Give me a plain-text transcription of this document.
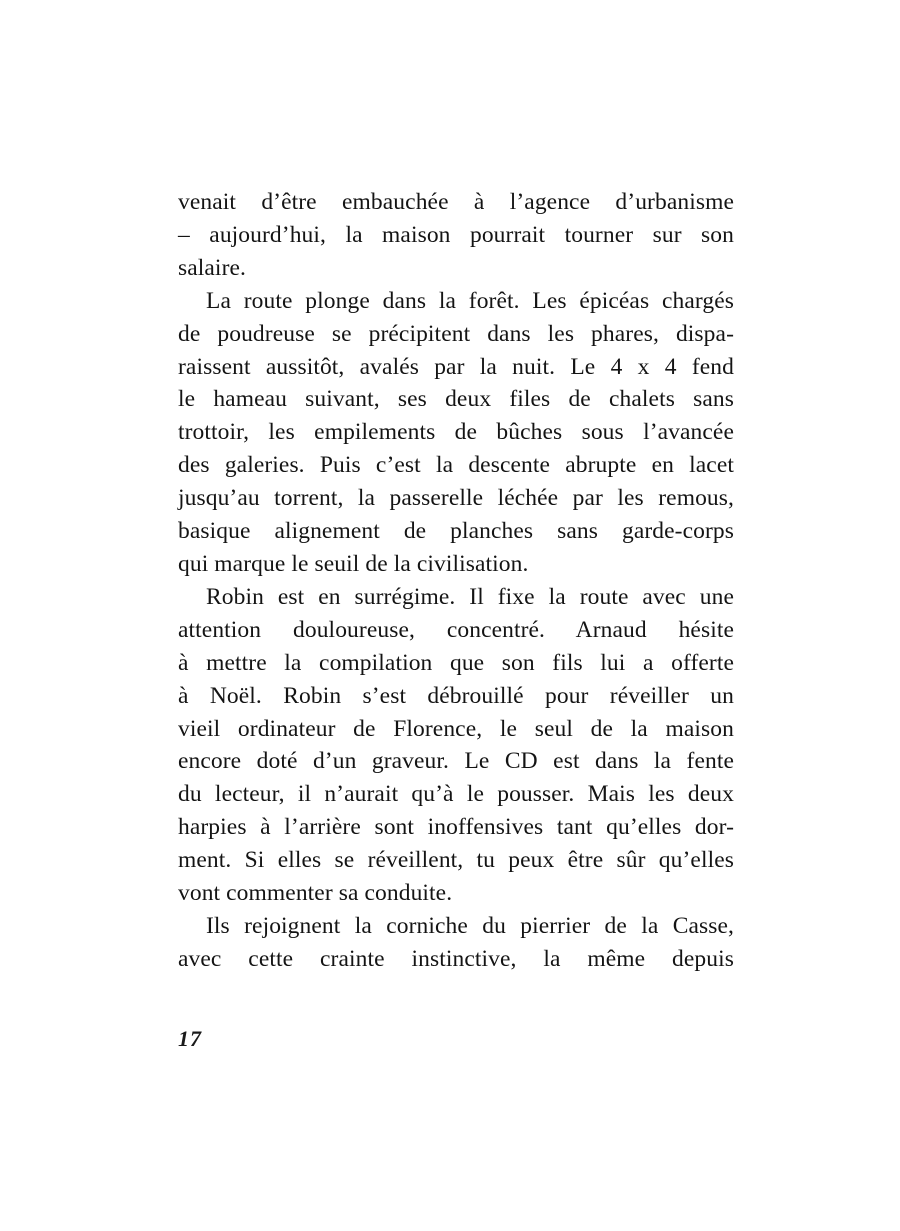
venait d’être embauchée à l’agence d’urbanisme
– aujourd’hui, la maison pourrait tourner sur son
salaire.
La route plonge dans la forêt. Les épicéas chargés
de poudreuse se précipitent dans les phares, dispa-
raissent aussitôt, avalés par la nuit. Le 4 x 4 fend
le hameau suivant, ses deux files de chalets sans
trottoir, les empilements de bûches sous l’avancée
des galeries. Puis c’est la descente abrupte en lacet
jusqu’au torrent, la passerelle léchée par les remous,
basique alignement de planches sans garde-corps
qui marque le seuil de la civilisation.
Robin est en surrégime. Il fixe la route avec une
attention douloureuse, concentré. Arnaud hésite
à mettre la compilation que son fils lui a offerte
à Noël. Robin s’est débrouillé pour réveiller un
vieil ordinateur de Florence, le seul de la maison
encore doté d’un graveur. Le CD est dans la fente
du lecteur, il n’aurait qu’à le pousser. Mais les deux
harpies à l’arrière sont inoffensives tant qu’elles dor-
ment. Si elles se réveillent, tu peux être sûr qu’elles
vont commenter sa conduite.
Ils rejoignent la corniche du pierrier de la Casse,
avec cette crainte instinctive, la même depuis
17
